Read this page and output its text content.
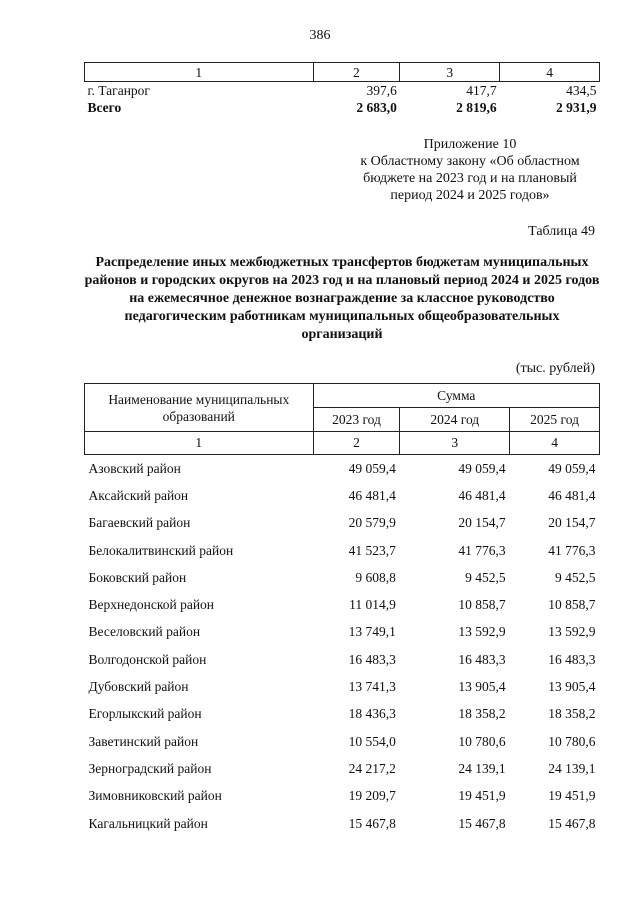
386
1	2	3	4
г. Таганрог	397,6	417,7	434,5
Всего	2 683,0	2 819,6	2 931,9
Приложение 10
к Областному закону «Об областном
бюджете на 2023 год и на плановый
период 2024 и 2025 годов»
Таблица 49
Распределение иных межбюджетных трансфертов бюджетам муниципальных районов и городских округов на 2023 год и на плановый период 2024 и 2025 годов на ежемесячное денежное вознаграждение за классное руководство педагогическим работникам муниципальных общеобразовательных организаций
(тыс. рублей)
Наименование муниципальных образований	Сумма		
	2023 год	2024 год	2025 год
1	2	3	4
Азовский район	49 059,4	49 059,4	49 059,4
Аксайский район	46 481,4	46 481,4	46 481,4
Багаевский район	20 579,9	20 154,7	20 154,7
Белокалитвинский район	41 523,7	41 776,3	41 776,3
Боковский район	9 608,8	9 452,5	9 452,5
Верхнедонской район	11 014,9	10 858,7	10 858,7
Веселовский район	13 749,1	13 592,9	13 592,9
Волгодонской район	16 483,3	16 483,3	16 483,3
Дубовский район	13 741,3	13 905,4	13 905,4
Егорлыкский район	18 436,3	18 358,2	18 358,2
Заветинский район	10 554,0	10 780,6	10 780,6
Зерноградский район	24 217,2	24 139,1	24 139,1
Зимовниковский район	19 209,7	19 451,9	19 451,9
Кагальницкий район	15 467,8	15 467,8	15 467,8
